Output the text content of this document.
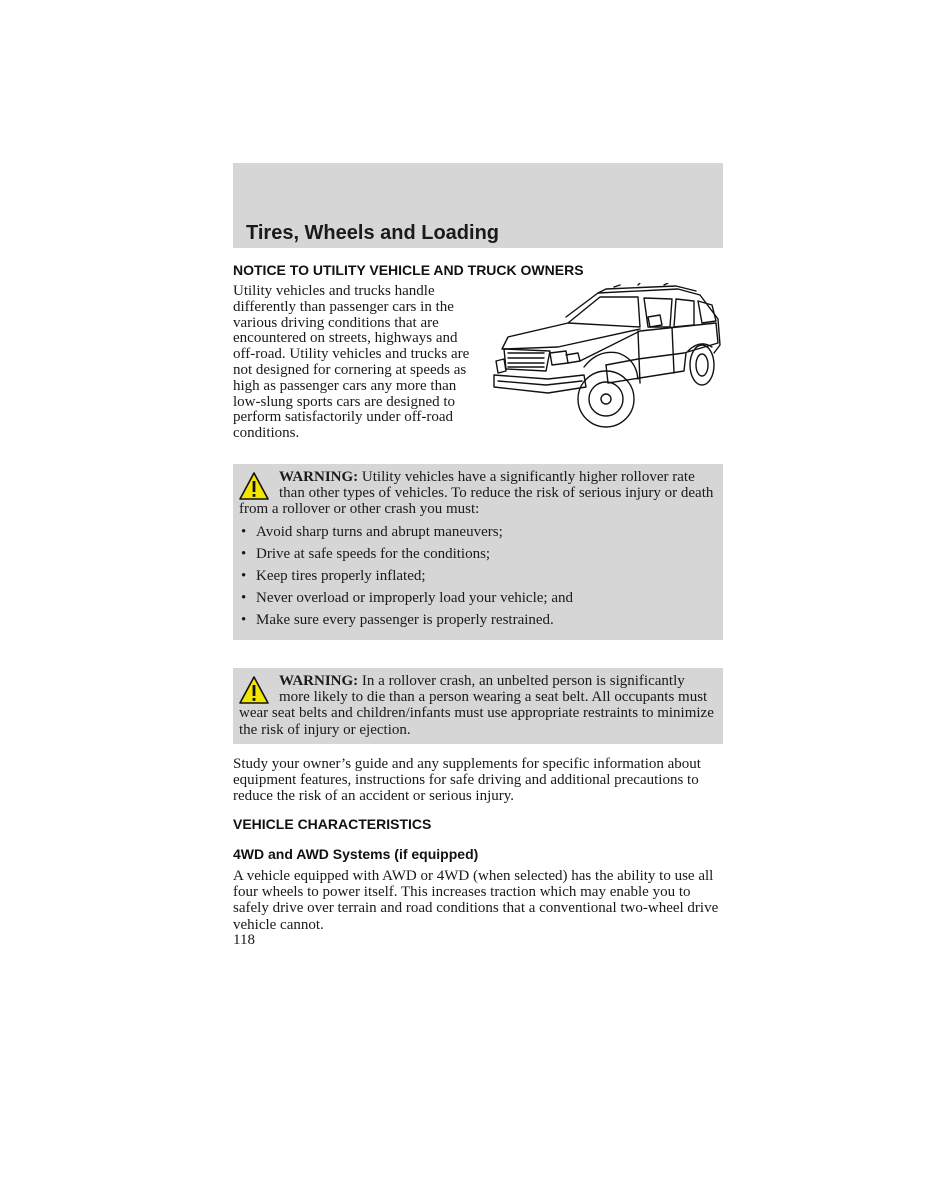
Tires, Wheels and Loading
NOTICE TO UTILITY VEHICLE AND TRUCK OWNERS

Utility vehicles and trucks handle differently than passenger cars in the various driving conditions that are encountered on streets, highways and off-road. Utility vehicles and trucks are not designed for cornering at speeds as high as passenger cars any more than low-slung sports cars are designed to perform satisfactorily under off-road conditions.

WARNING: Utility vehicles have a significantly higher rollover rate than other types of vehicles. To reduce the risk of serious injury or death from a rollover or other crash you must:
• Avoid sharp turns and abrupt maneuvers;
• Drive at safe speeds for the conditions;
• Keep tires properly inflated;
• Never overload or improperly load your vehicle; and
• Make sure every passenger is properly restrained.
WARNING: In a rollover crash, an unbelted person is significantly more likely to die than a person wearing a seat belt. All occupants must wear seat belts and children/infants must use appropriate restraints to minimize the risk of injury or ejection.

Study your owner’s guide and any supplements for specific information about equipment features, instructions for safe driving and additional precautions to reduce the risk of an accident or serious injury.

VEHICLE CHARACTERISTICS
4WD and AWD Systems (if equipped)

A vehicle equipped with AWD or 4WD (when selected) has the ability to use all four wheels to power itself. This increases traction which may enable you to safely drive over terrain and road conditions that a conventional two-wheel drive vehicle cannot.

118
